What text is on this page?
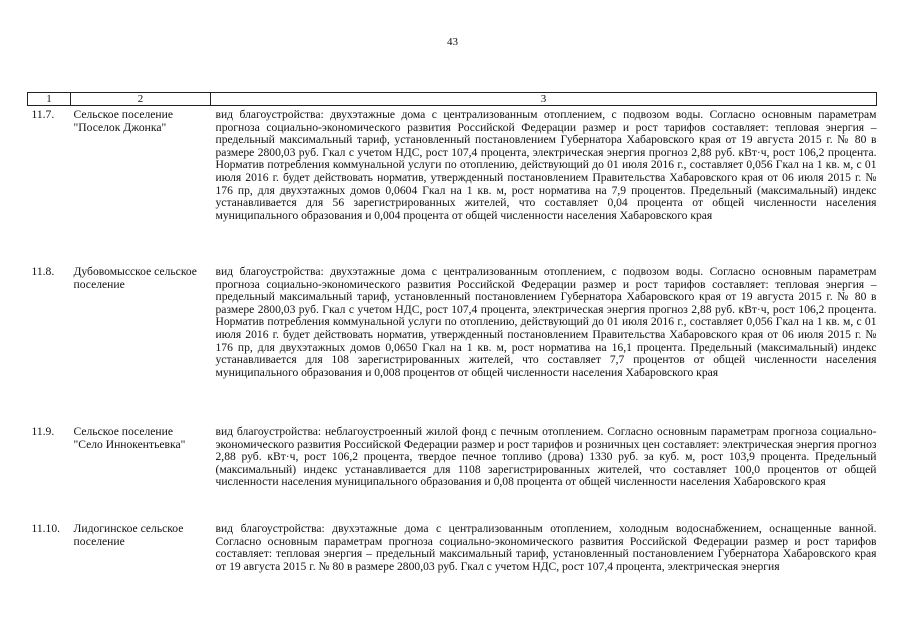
43
1	2	3
11.7.	Сельское поселение "Поселок Джонка"	вид благоустройства: двухэтажные дома с централизованным отоплением, с подвозом воды. Согласно основным параметрам прогноза социально-экономического развития Российской Федерации размер и рост тарифов составляет: тепловая энергия – предельный максимальный тариф, установленный постановлением Губернатора Хабаровского края от 19 августа 2015 г. № 80 в размере 2800,03 руб. Гкал с учетом НДС, рост 107,4 процента, электрическая энергия прогноз 2,88 руб. кВт·ч, рост 106,2 процента. Норматив потребления коммунальной услуги по отоплению, действующий до 01 июля 2016 г., составляет 0,056 Гкал на 1 кв. м, с 01 июля 2016 г. будет действовать норматив, утвержденный постановлением Правительства Хабаровского края от 06 июля 2015 г. № 176 пр, для двухэтажных домов 0,0604 Гкал на 1 кв. м, рост норматива на 7,9 процентов. Предельный (максимальный) индекс устанавливается для 56 зарегистрированных жителей, что составляет 0,04 процента от общей численности населения муниципального образования и 0,004 процента от общей численности населения Хабаровского края
11.8.	Дубовомысское сельское поселение	вид благоустройства: двухэтажные дома с централизованным отоплением, с подвозом воды. Согласно основным параметрам прогноза социально-экономического развития Российской Федерации размер и рост тарифов составляет: тепловая энергия – предельный максимальный тариф, установленный постановлением Губернатора Хабаровского края от 19 августа 2015 г. № 80 в размере 2800,03 руб. Гкал с учетом НДС, рост 107,4 процента, электрическая энергия прогноз 2,88 руб. кВт·ч, рост 106,2 процента. Норматив потребления коммунальной услуги по отоплению, действующий до 01 июля 2016 г., составляет 0,056 Гкал на 1 кв. м, с 01 июля 2016 г. будет действовать норматив, утвержденный постановлением Правительства Хабаровского края от 06 июля 2015 г. № 176 пр, для двухэтажных домов 0,0650 Гкал на 1 кв. м, рост норматива на 16,1 процента. Предельный (максимальный) индекс устанавливается для 108 зарегистрированных жителей, что составляет 7,7 процентов от общей численности населения муниципального образования и 0,008 процентов от общей численности населения Хабаровского края
11.9.	Сельское поселение "Село Иннокентьевка"	вид благоустройства: неблагоустроенный жилой фонд с печным отоплением. Согласно основным параметрам прогноза социально-экономического развития Российской Федерации размер и рост тарифов и розничных цен составляет: электрическая энергия прогноз 2,88 руб. кВт·ч, рост 106,2 процента, твердое печное топливо (дрова) 1330 руб. за куб. м, рост 103,9 процента. Предельный (максимальный) индекс устанавливается для 1108 зарегистрированных жителей, что составляет 100,0 процентов от общей численности населения муниципального образования и 0,08 процента от общей численности населения Хабаровского края
11.10.	Лидогинское сельское поселение	вид благоустройства: двухэтажные дома с централизованным отоплением, холодным водоснабжением, оснащенные ванной. Согласно основным параметрам прогноза социально-экономического развития Российской Федерации размер и рост тарифов составляет: тепловая энергия – предельный максимальный тариф, установленный постановлением Губернатора Хабаровского края от 19 августа 2015 г. № 80 в размере 2800,03 руб. Гкал с учетом НДС, рост 107,4 процента, электрическая энергия
